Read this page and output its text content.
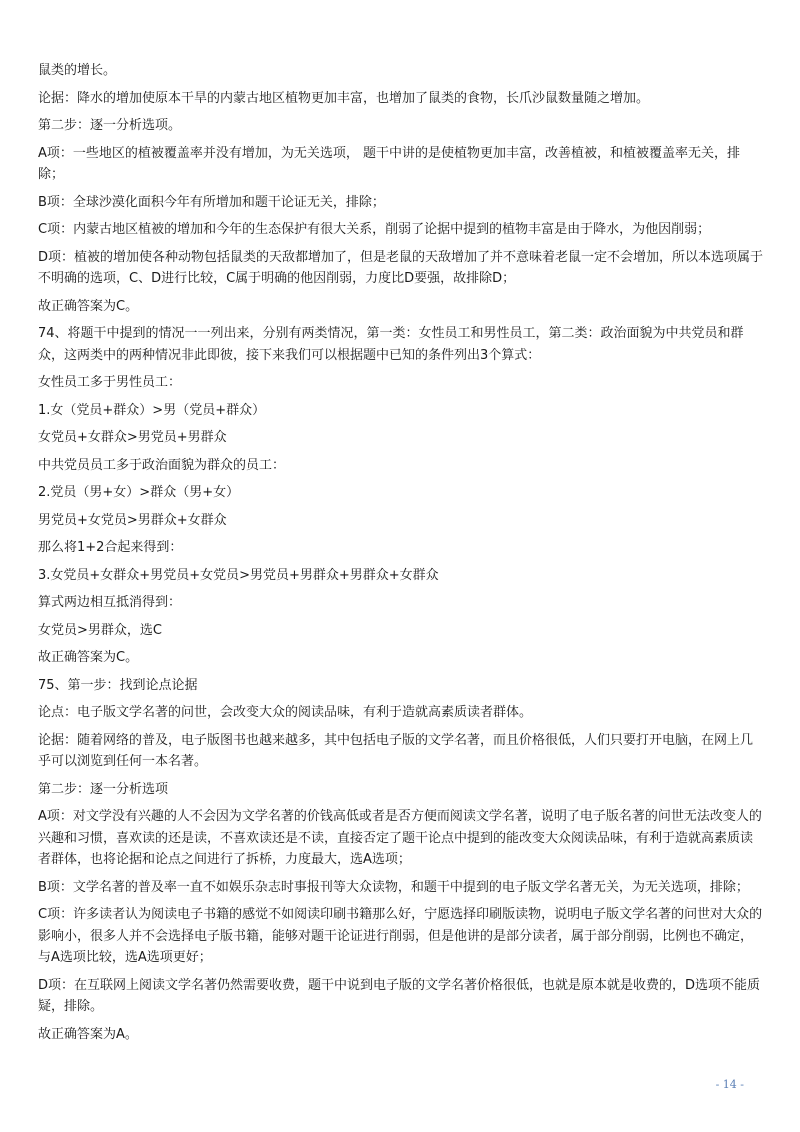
鼠类的增长。

论据：降水的增加使原本干旱的内蒙古地区植物更加丰富，也增加了鼠类的食物，长爪沙鼠数量随之增加。

第二步：逐一分析选项。

A项：一些地区的植被覆盖率并没有增加，为无关选项， 题干中讲的是使植物更加丰富，改善植被，和植被覆盖率无关，排除；

B项：全球沙漠化面积今年有所增加和题干论证无关，排除；

C项：内蒙古地区植被的增加和今年的生态保护有很大关系，削弱了论据中提到的植物丰富是由于降水，为他因削弱；

D项：植被的增加使各种动物包括鼠类的天敌都增加了，但是老鼠的天敌增加了并不意味着老鼠一定不会增加，所以本选项属于不明确的选项，C、D进行比较，C属于明确的他因削弱，力度比D要强，故排除D；

故正确答案为C。

74、将题干中提到的情况一一列出来，分别有两类情况，第一类：女性员工和男性员工，第二类：政治面貌为中共党员和群众，这两类中的两种情况非此即彼，接下来我们可以根据题中已知的条件列出3个算式：

女性员工多于男性员工：

1.女（党员+群众）>男（党员+群众）

女党员+女群众>男党员+男群众

中共党员员工多于政治面貌为群众的员工：

2.党员（男+女）>群众（男+女）

男党员+女党员>男群众+女群众

那么将1+2合起来得到：

3.女党员+女群众+男党员+女党员>男党员+男群众+男群众+女群众

算式两边相互抵消得到：

女党员>男群众，选C

故正确答案为C。

75、第一步：找到论点论据

论点：电子版文学名著的问世，会改变大众的阅读品味，有利于造就高素质读者群体。

论据：随着网络的普及，电子版图书也越来越多，其中包括电子版的文学名著，而且价格很低，人们只要打开电脑，在网上几乎可以浏览到任何一本名著。

第二步：逐一分析选项

A项：对文学没有兴趣的人不会因为文学名著的价钱高低或者是否方便而阅读文学名著，说明了电子版名著的问世无法改变人的兴趣和习惯，喜欢读的还是读，不喜欢读还是不读，直接否定了题干论点中提到的能改变大众阅读品味，有利于造就高素质读者群体，也将论据和论点之间进行了拆桥，力度最大，选A选项；

B项：文学名著的普及率一直不如娱乐杂志时事报刊等大众读物，和题干中提到的电子版文学名著无关，为无关选项，排除；

C项：许多读者认为阅读电子书籍的感觉不如阅读印刷书籍那么好，宁愿选择印刷版读物，说明电子版文学名著的问世对大众的影响小，很多人并不会选择电子版书籍，能够对题干论证进行削弱，但是他讲的是部分读者，属于部分削弱，比例也不确定，与A选项比较，选A选项更好；

D项：在互联网上阅读文学名著仍然需要收费，题干中说到电子版的文学名著价格很低，也就是原本就是收费的，D选项不能质疑，排除。

故正确答案为A。

- 14 -
